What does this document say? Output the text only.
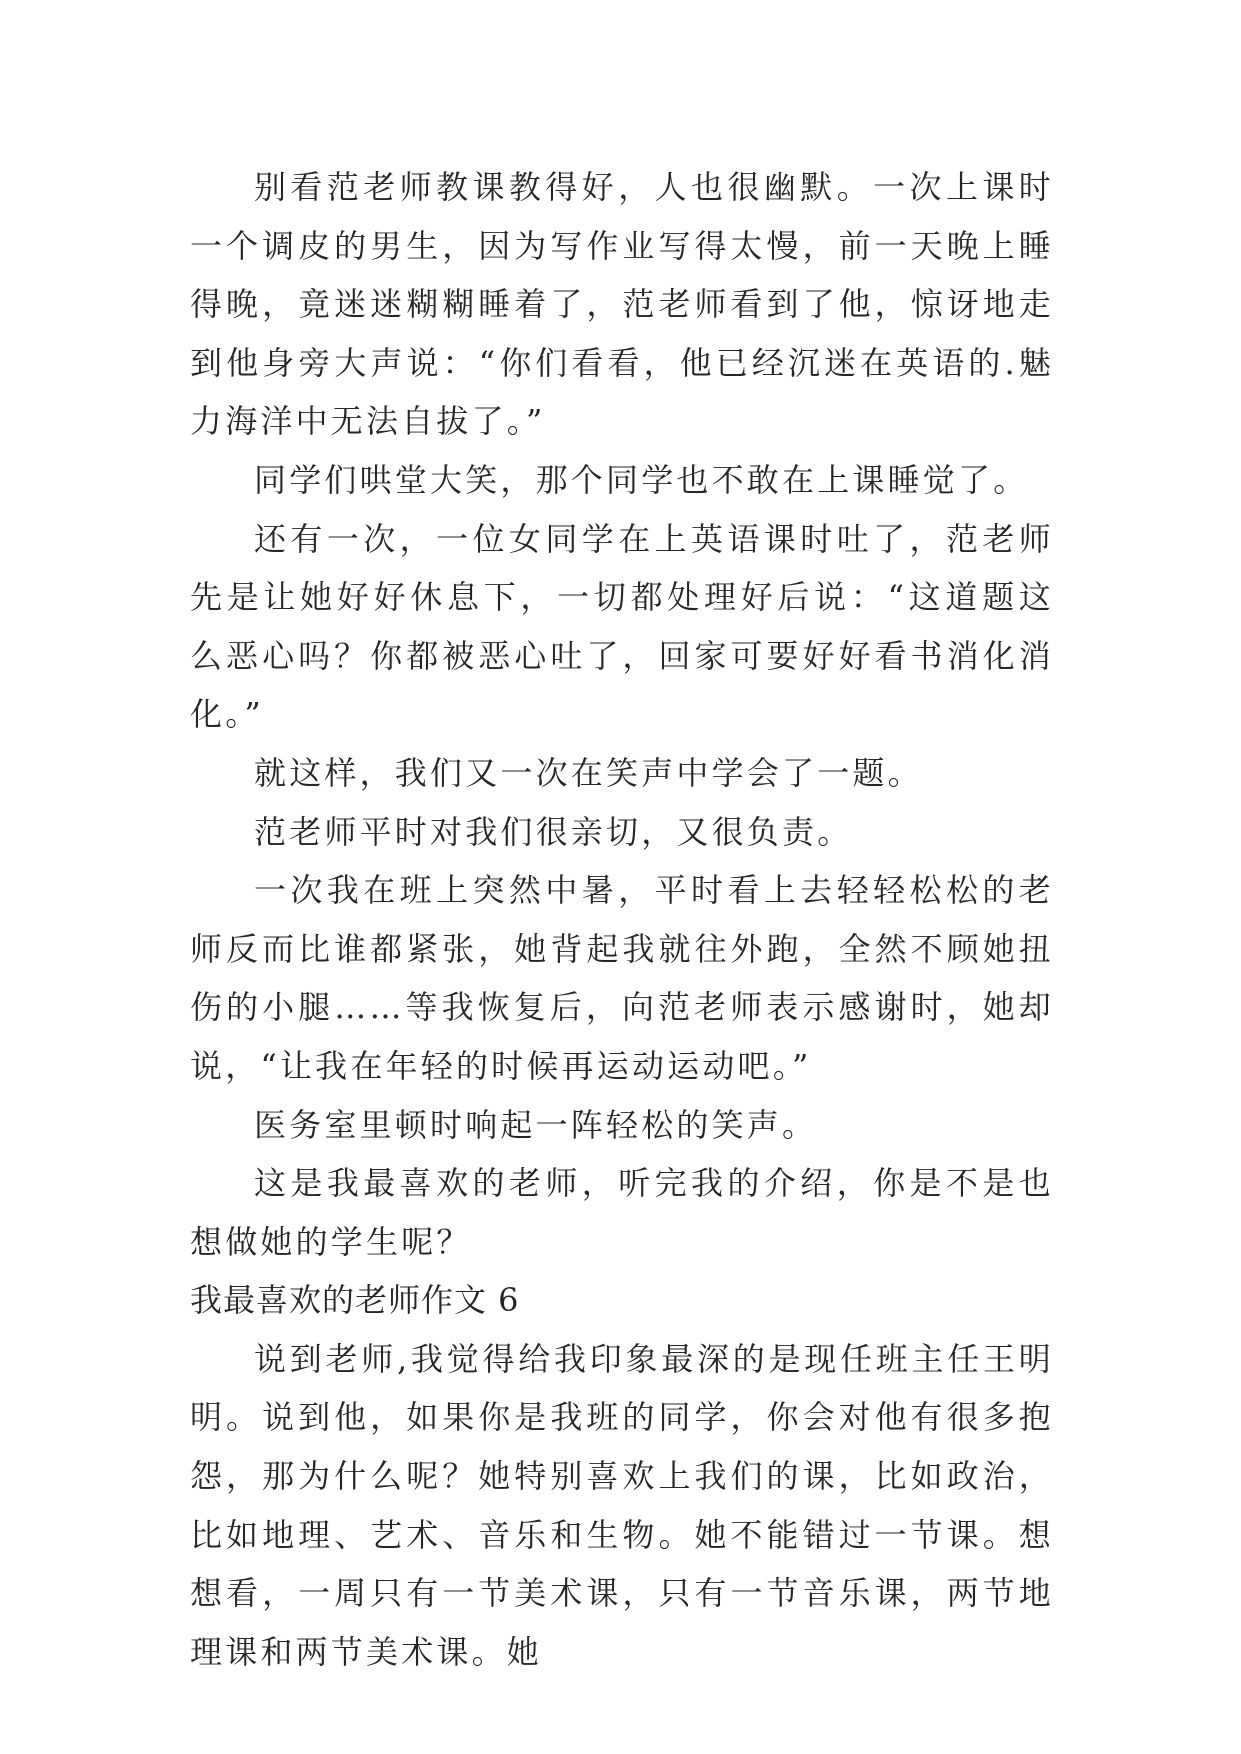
别看范老师教课教得好，人也很幽默。一次上课时一个调皮的男生，因为写作业写得太慢，前一天晚上睡得晚，竟迷迷糊糊睡着了，范老师看到了他，惊讶地走到他身旁大声说：“你们看看，他已经沉迷在英语的.魅力海洋中无法自拔了。”

同学们哄堂大笑，那个同学也不敢在上课睡觉了。

还有一次，一位女同学在上英语课时吐了，范老师先是让她好好休息下，一切都处理好后说：“这道题这么恶心吗？你都被恶心吐了，回家可要好好看书消化消化。”

就这样，我们又一次在笑声中学会了一题。

范老师平时对我们很亲切，又很负责。

一次我在班上突然中暑，平时看上去轻轻松松的老师反而比谁都紧张，她背起我就往外跑，全然不顾她扭伤的小腿……等我恢复后，向范老师表示感谢时，她却说，“让我在年轻的时候再运动运动吧。”

医务室里顿时响起一阵轻松的笑声。

这是我最喜欢的老师，听完我的介绍，你是不是也想做她的学生呢？

我最喜欢的老师作文 6

说到老师,我觉得给我印象最深的是现任班主任王明明。说到他，如果你是我班的同学，你会对他有很多抱怨，那为什么呢？她特别喜欢上我们的课，比如政治，比如地理、艺术、音乐和生物。她不能错过一节课。想想看，一周只有一节美术课，只有一节音乐课，两节地理课和两节美术课。她
